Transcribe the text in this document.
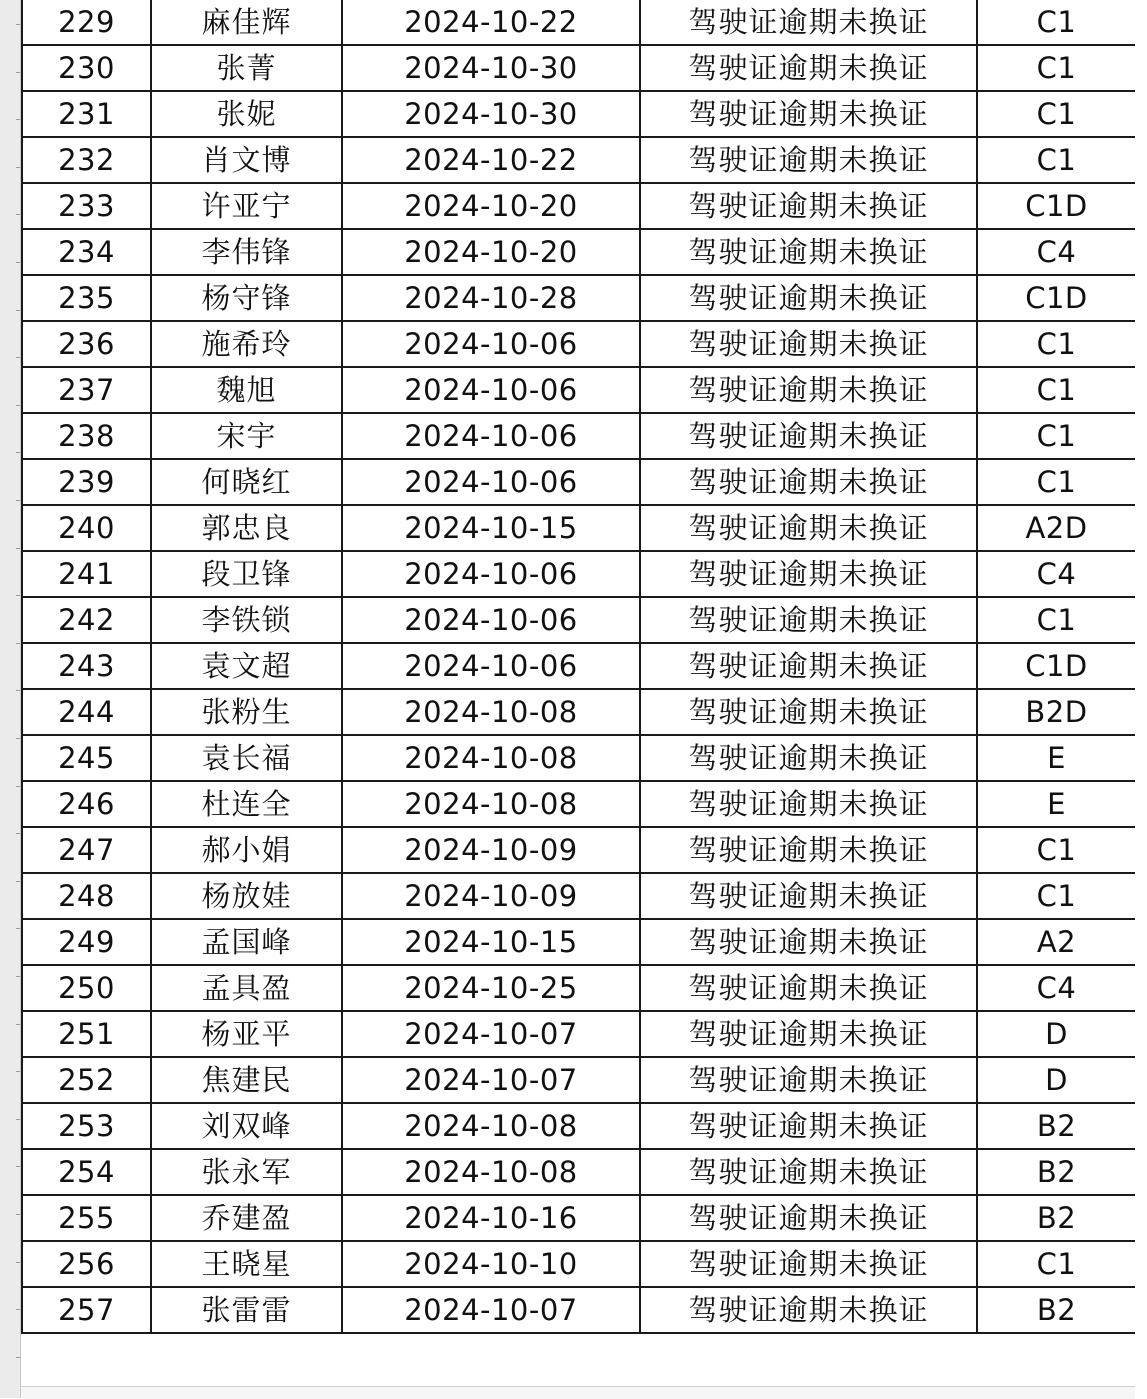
229	麻佳辉	2024-10-22	驾驶证逾期未换证	C1
230	张菁	2024-10-30	驾驶证逾期未换证	C1
231	张妮	2024-10-30	驾驶证逾期未换证	C1
232	肖文博	2024-10-22	驾驶证逾期未换证	C1
233	许亚宁	2024-10-20	驾驶证逾期未换证	C1D
234	李伟锋	2024-10-20	驾驶证逾期未换证	C4
235	杨守锋	2024-10-28	驾驶证逾期未换证	C1D
236	施希玲	2024-10-06	驾驶证逾期未换证	C1
237	魏旭	2024-10-06	驾驶证逾期未换证	C1
238	宋宇	2024-10-06	驾驶证逾期未换证	C1
239	何晓红	2024-10-06	驾驶证逾期未换证	C1
240	郭忠良	2024-10-15	驾驶证逾期未换证	A2D
241	段卫锋	2024-10-06	驾驶证逾期未换证	C4
242	李铁锁	2024-10-06	驾驶证逾期未换证	C1
243	袁文超	2024-10-06	驾驶证逾期未换证	C1D
244	张粉生	2024-10-08	驾驶证逾期未换证	B2D
245	袁长福	2024-10-08	驾驶证逾期未换证	E
246	杜连全	2024-10-08	驾驶证逾期未换证	E
247	郝小娟	2024-10-09	驾驶证逾期未换证	C1
248	杨放娃	2024-10-09	驾驶证逾期未换证	C1
249	孟国峰	2024-10-15	驾驶证逾期未换证	A2
250	孟具盈	2024-10-25	驾驶证逾期未换证	C4
251	杨亚平	2024-10-07	驾驶证逾期未换证	D
252	焦建民	2024-10-07	驾驶证逾期未换证	D
253	刘双峰	2024-10-08	驾驶证逾期未换证	B2
254	张永军	2024-10-08	驾驶证逾期未换证	B2
255	乔建盈	2024-10-16	驾驶证逾期未换证	B2
256	王晓星	2024-10-10	驾驶证逾期未换证	C1
257	张雷雷	2024-10-07	驾驶证逾期未换证	B2
